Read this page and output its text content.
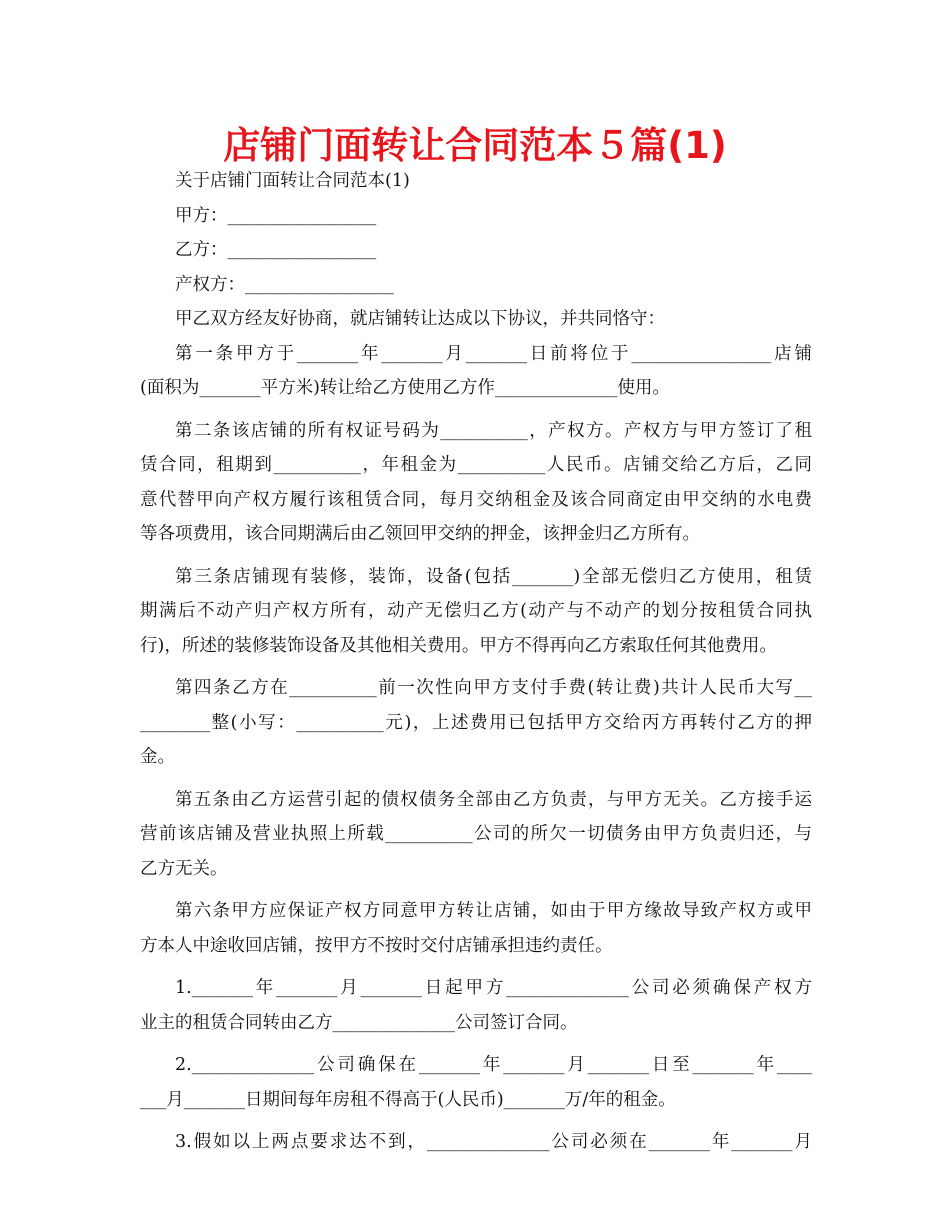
店铺门面转让合同范本５篇(1)

关于店铺门面转让合同范本(1)

甲方：_________________

乙方：_________________

产权方：_________________

甲乙双方经友好协商，就店铺转让达成以下协议，并共同恪守：

第一条甲方于_______年_______月_______日前将位于________________店铺

(面积为_______平方米)转让给乙方使用乙方作______________使用。

第二条该店铺的所有权证号码为__________，产权方。产权方与甲方签订了租

赁合同，租期到__________，年租金为__________人民币。店铺交给乙方后，乙同

意代替甲向产权方履行该租赁合同，每月交纳租金及该合同商定由甲交纳的水电费

等各项费用，该合同期满后由乙领回甲交纳的押金，该押金归乙方所有。

第三条店铺现有装修，装饰，设备(包括_______)全部无偿归乙方使用，租赁

期满后不动产归产权方所有，动产无偿归乙方(动产与不动产的划分按租赁合同执

行)，所述的装修装饰设备及其他相关费用。甲方不得再向乙方索取任何其他费用。

第四条乙方在__________前一次性向甲方支付手费(转让费)共计人民币大写__

________整(小写：__________元)，上述费用已包括甲方交给丙方再转付乙方的押

金。

第五条由乙方运营引起的债权债务全部由乙方负责，与甲方无关。乙方接手运

营前该店铺及营业执照上所载__________公司的所欠一切债务由甲方负责归还，与

乙方无关。

第六条甲方应保证产权方同意甲方转让店铺，如由于甲方缘故导致产权方或甲

方本人中途收回店铺，按甲方不按时交付店铺承担违约责任。

1._______年_______月_______日起甲方______________公司必须确保产权方

业主的租赁合同转由乙方______________公司签订合同。

2.______________公司确保在_______年_______月_______日至_______年____

___月_______日期间每年房租不得高于(人民币)_______万/年的租金。

3.假如以上两点要求达不到，______________公司必须在_______年_______月
